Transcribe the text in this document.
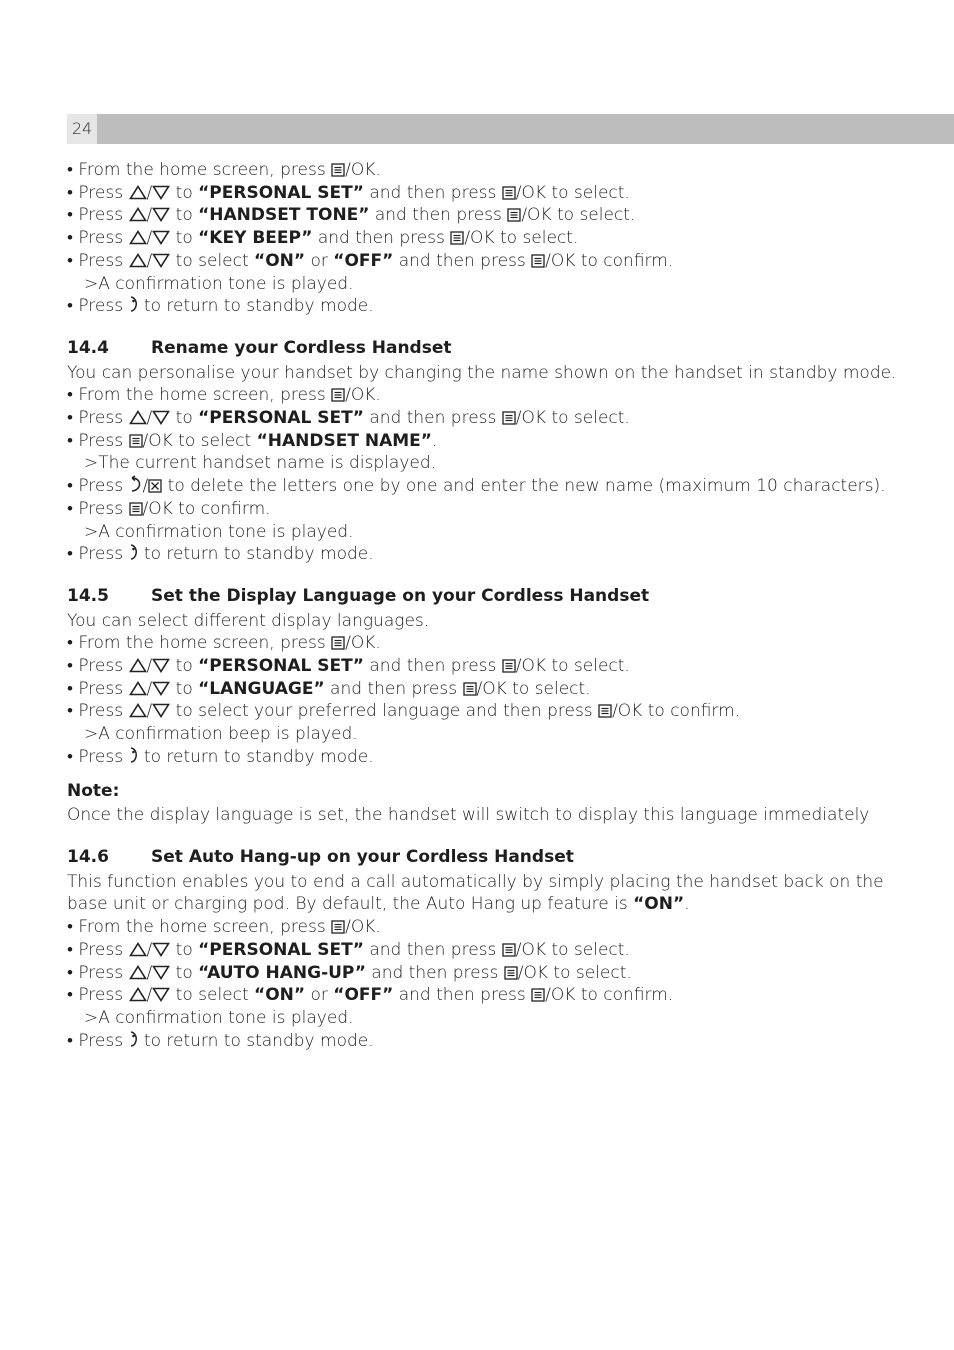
24

• From the home screen, press
/OK.

• Press
/
to “PERSONAL SET” and then press
/OK to select.

• Press
/
to “HANDSET TONE” and then press
/OK to select.

• Press
/
to “KEY BEEP” and then press
/OK to select.

• Press
/
to select “ON” or “OFF” and then press
/OK to confirm.

>A confirmation tone is played.

• Press
to return to standby mode.

14.4 Rename your Cordless Handset

You can personalise your handset by changing the name shown on the handset in standby mode.

• From the home screen, press
/OK.

• Press
/
to “PERSONAL SET” and then press
/OK to select.

• Press
/OK to select “HANDSET NAME”.

>The current handset name is displayed.

• Press
/
to delete the letters one by one and enter the new name (maximum 10 characters).

• Press
/OK to confirm.

>A confirmation tone is played.

• Press
to return to standby mode.

14.5 Set the Display Language on your Cordless Handset

You can select different display languages.

• From the home screen, press
/OK.

• Press
/
to “PERSONAL SET” and then press
/OK to select.

• Press
/
to “LANGUAGE” and then press
/OK to select.

• Press
/
to select your preferred language and then press
/OK to confirm.

>A confirmation beep is played.

• Press
to return to standby mode.

Note:

Once the display language is set, the handset will switch to display this language immediately

14.6 Set Auto Hang-up on your Cordless Handset

This function enables you to end a call automatically by simply placing the handset back on the base unit or charging pod. By default, the Auto Hang up feature is “ON”.

• From the home screen, press
/OK.

• Press
/
to “PERSONAL SET” and then press
/OK to select.

• Press
/
to “AUTO HANG-UP” and then press
/OK to select.

• Press
/
to select “ON” or “OFF” and then press
/OK to confirm.

>A confirmation tone is played.

• Press
to return to standby mode.
